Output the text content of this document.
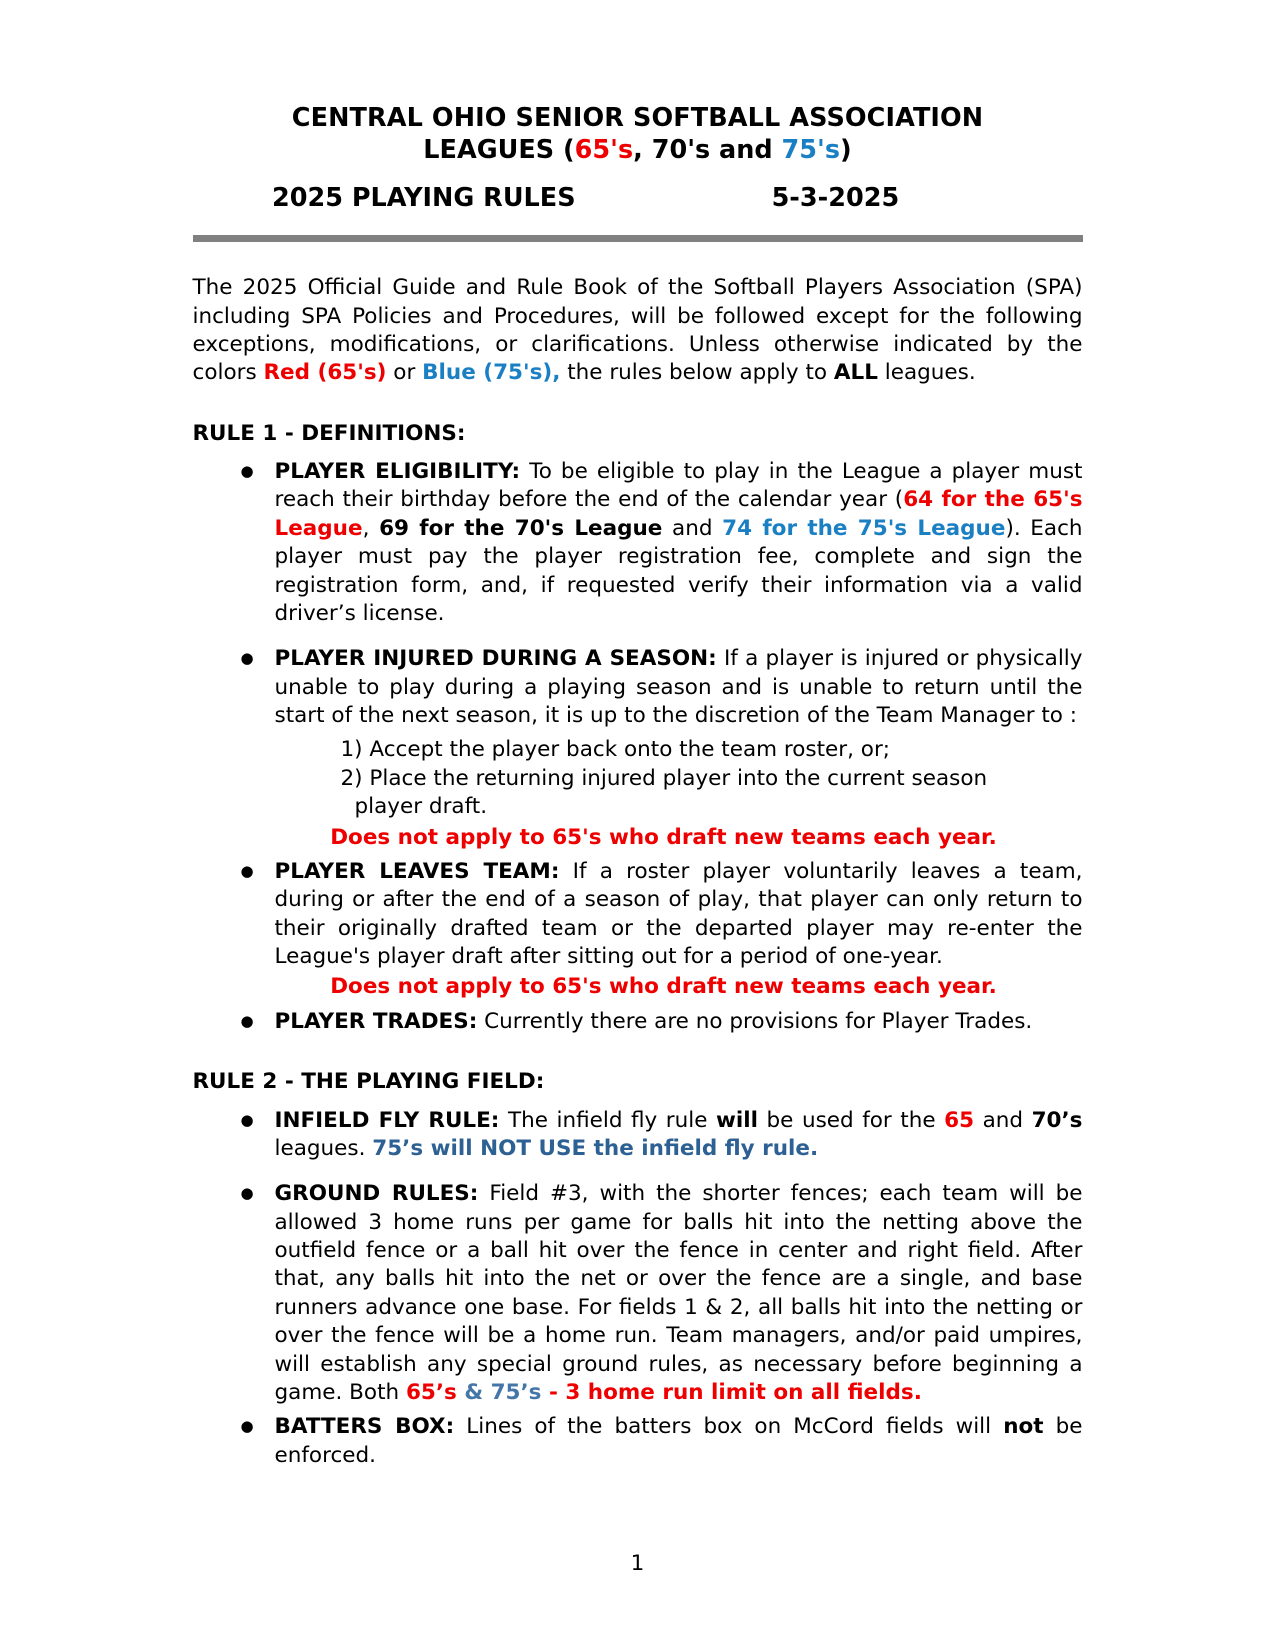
CENTRAL OHIO SENIOR SOFTBALL ASSOCIATION
LEAGUES (65's, 70's and 75's)
2025 PLAYING RULES	5-3-2025

The 2025 Official Guide and Rule Book of the Softball Players Association (SPA) including SPA Policies and Procedures, will be followed except for the following exceptions, modifications, or clarifications. Unless otherwise indicated by the colors Red (65's) or Blue (75's), the rules below apply to ALL leagues.

RULE 1 - DEFINITIONS:
● PLAYER ELIGIBILITY: To be eligible to play in the League a player must reach their birthday before the end of the calendar year (64 for the 65's League, 69 for the 70's League and 74 for the 75's League). Each player must pay the player registration fee, complete and sign the registration form, and, if requested verify their information via a valid driver’s license.
● PLAYER INJURED DURING A SEASON: If a player is injured or physically unable to play during a playing season and is unable to return until the start of the next season, it is up to the discretion of the Team Manager to :
1) Accept the player back onto the team roster, or;
2) Place the returning injured player into the current season
player draft.
Does not apply to 65's who draft new teams each year.
● PLAYER LEAVES TEAM: If a roster player voluntarily leaves a team, during or after the end of a season of play, that player can only return to their originally drafted team or the departed player may re-enter the League's player draft after sitting out for a period of one-year.
Does not apply to 65's who draft new teams each year.
● PLAYER TRADES: Currently there are no provisions for Player Trades.
RULE 2 - THE PLAYING FIELD:
● INFIELD FLY RULE: The infield fly rule will be used for the 65 and 70’s leagues. 75’s will NOT USE the infield fly rule.
● GROUND RULES: Field #3, with the shorter fences; each team will be allowed 3 home runs per game for balls hit into the netting above the outfield fence or a ball hit over the fence in center and right field. After that, any balls hit into the net or over the fence are a single, and base runners advance one base. For fields 1 & 2, all balls hit into the netting or over the fence will be a home run. Team managers, and/or paid umpires, will establish any special ground rules, as necessary before beginning a game. Both 65’s & 75’s - 3 home run limit on all fields.
● BATTERS BOX: Lines of the batters box on McCord fields will not be enforced.
1
